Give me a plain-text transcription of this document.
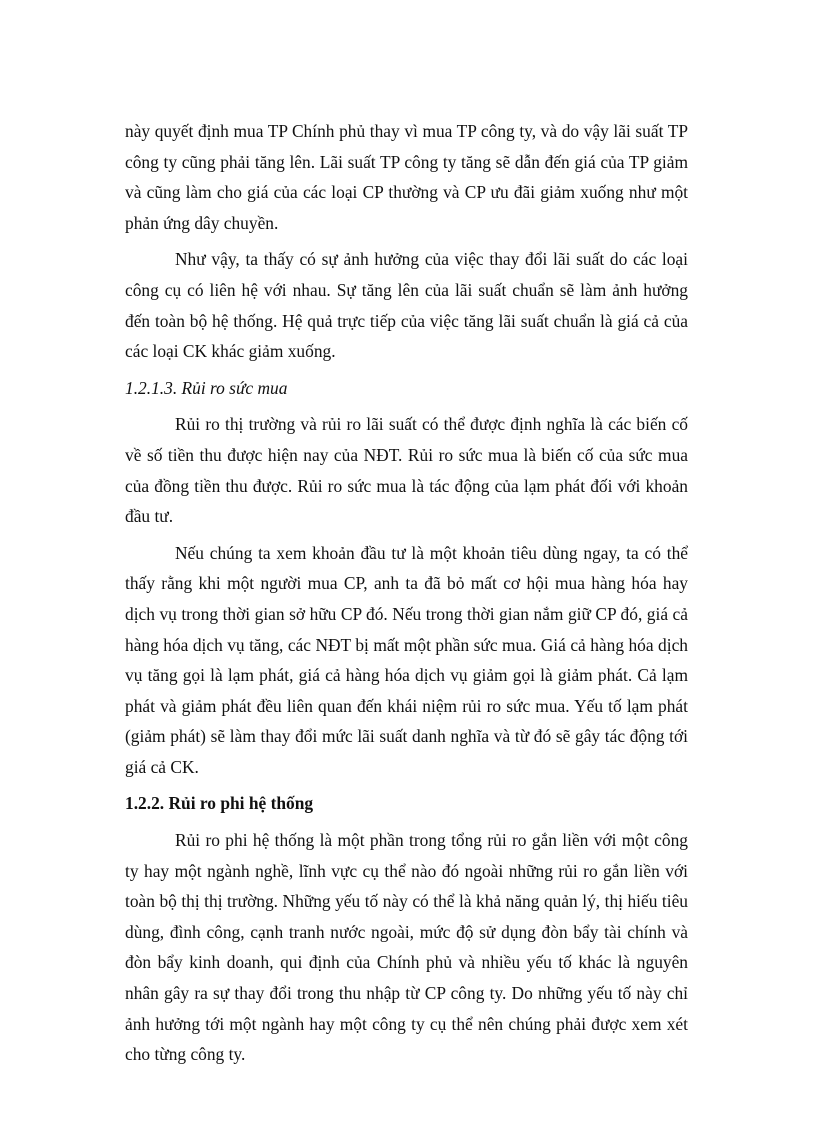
này quyết định mua TP Chính phủ thay vì mua TP công ty, và do vậy lãi suất TP công ty cũng phải tăng lên. Lãi suất TP công ty tăng sẽ dẫn đến giá của TP giảm và cũng làm cho giá của các loại CP thường và CP ưu đãi giảm xuống như một phản ứng dây chuyền.

Như vậy, ta thấy có sự ảnh hưởng của việc thay đổi lãi suất do các loại công cụ có liên hệ với nhau. Sự tăng lên của lãi suất chuẩn sẽ làm ảnh hưởng đến toàn bộ hệ thống. Hệ quả trực tiếp của việc tăng lãi suất chuẩn là giá cả của các loại CK khác giảm xuống.

1.2.1.3. Rủi ro sức mua

Rủi ro thị trường và rủi ro lãi suất có thể được định nghĩa là các biến cố về số tiền thu được hiện nay của NĐT. Rủi ro sức mua là biến cố của sức mua của đồng tiền thu được. Rủi ro sức mua là tác động của lạm phát đối với khoản đầu tư.

Nếu chúng ta xem khoản đầu tư là một khoản tiêu dùng ngay, ta có thể thấy rằng khi một người mua CP, anh ta đã bỏ mất cơ hội mua hàng hóa hay dịch vụ trong thời gian sở hữu CP đó. Nếu trong thời gian nắm giữ CP đó, giá cả hàng hóa dịch vụ tăng, các NĐT bị mất một phần sức mua. Giá cả hàng hóa dịch vụ tăng gọi là lạm phát, giá cả hàng hóa dịch vụ giảm gọi là giảm phát. Cả lạm phát và giảm phát đều liên quan đến khái niệm rủi ro sức mua. Yếu tố lạm phát (giảm phát) sẽ làm thay đổi mức lãi suất danh nghĩa và từ đó sẽ gây tác động tới giá cả CK.

1.2.2. Rủi ro phi hệ thống

Rủi ro phi hệ thống là một phần trong tổng rủi ro gắn liền với một công ty hay một ngành nghề, lĩnh vực cụ thể nào đó ngoài những rủi ro gắn liền với toàn bộ thị thị trường. Những yếu tố này có thể là khả năng quản lý, thị hiếu tiêu dùng, đình công, cạnh tranh nước ngoài, mức độ sử dụng đòn bẩy tài chính và đòn bẩy kinh doanh, qui định của Chính phủ và nhiều yếu tố khác là nguyên nhân gây ra sự thay đổi trong thu nhập từ CP công ty. Do những yếu tố này chỉ ảnh hưởng tới một ngành hay một công ty cụ thể nên chúng phải được xem xét cho từng công ty.
